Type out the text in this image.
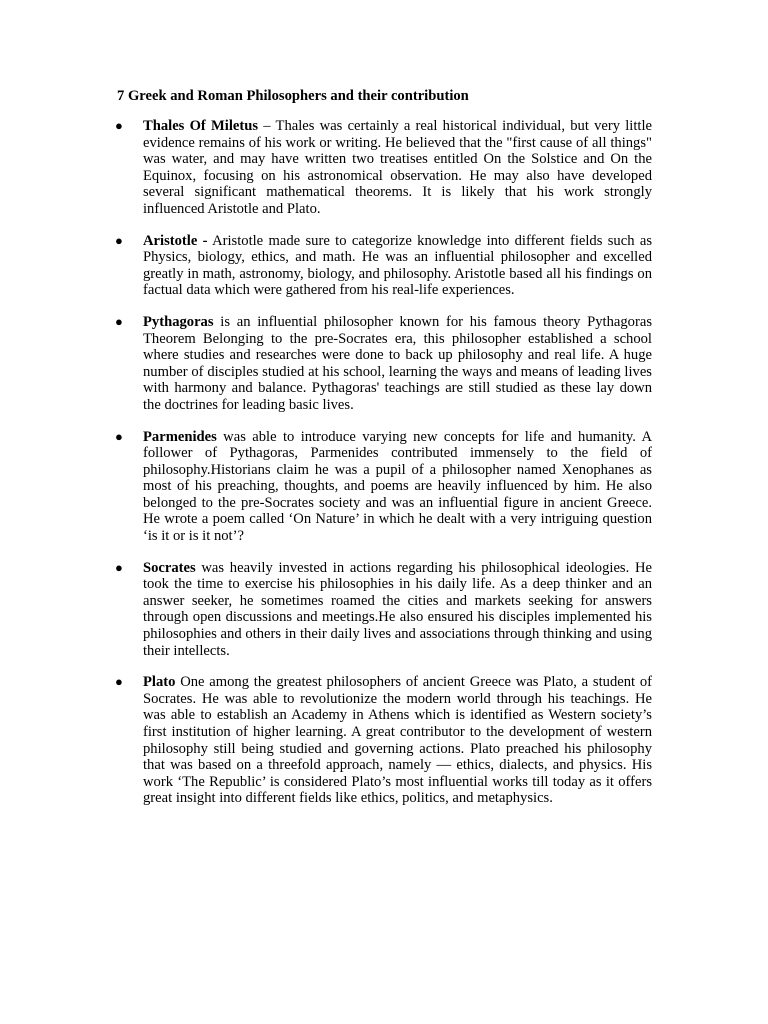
7 Greek and Roman Philosophers and their contribution
● Thales Of Miletus – Thales was certainly a real historical individual, but very little evidence remains of his work or writing. He believed that the "first cause of all things" was water, and may have written two treatises entitled On the Solstice and On the Equinox, focusing on his astronomical observation. He may also have developed several significant mathematical theorems. It is likely that his work strongly influenced Aristotle and Plato.
● Aristotle - Aristotle made sure to categorize knowledge into different fields such as Physics, biology, ethics, and math. He was an influential philosopher and excelled greatly in math, astronomy, biology, and philosophy. Aristotle based all his findings on factual data which were gathered from his real-life experiences.
● Pythagoras is an influential philosopher known for his famous theory Pythagoras Theorem Belonging to the pre-Socrates era, this philosopher established a school where studies and researches were done to back up philosophy and real life. A huge number of disciples studied at his school, learning the ways and means of leading lives with harmony and balance. Pythagoras' teachings are still studied as these lay down the doctrines for leading basic lives.
● Parmenides was able to introduce varying new concepts for life and humanity. A follower of Pythagoras, Parmenides contributed immensely to the field of philosophy.Historians claim he was a pupil of a philosopher named Xenophanes as most of his preaching, thoughts, and poems are heavily influenced by him. He also belonged to the pre-Socrates society and was an influential figure in ancient Greece. He wrote a poem called ‘On Nature’ in which he dealt with a very intriguing question ‘is it or is it not’?
● Socrates was heavily invested in actions regarding his philosophical ideologies. He took the time to exercise his philosophies in his daily life. As a deep thinker and an answer seeker, he sometimes roamed the cities and markets seeking for answers through open discussions and meetings.He also ensured his disciples implemented his philosophies and others in their daily lives and associations through thinking and using their intellects.
● Plato One among the greatest philosophers of ancient Greece was Plato, a student of Socrates. He was able to revolutionize the modern world through his teachings. He was able to establish an Academy in Athens which is identified as Western society’s first institution of higher learning. A great contributor to the development of western philosophy still being studied and governing actions. Plato preached his philosophy that was based on a threefold approach, namely — ethics, dialects, and physics. His work ‘The Republic’ is considered Plato’s most influential works till today as it offers great insight into different fields like ethics, politics, and metaphysics.
